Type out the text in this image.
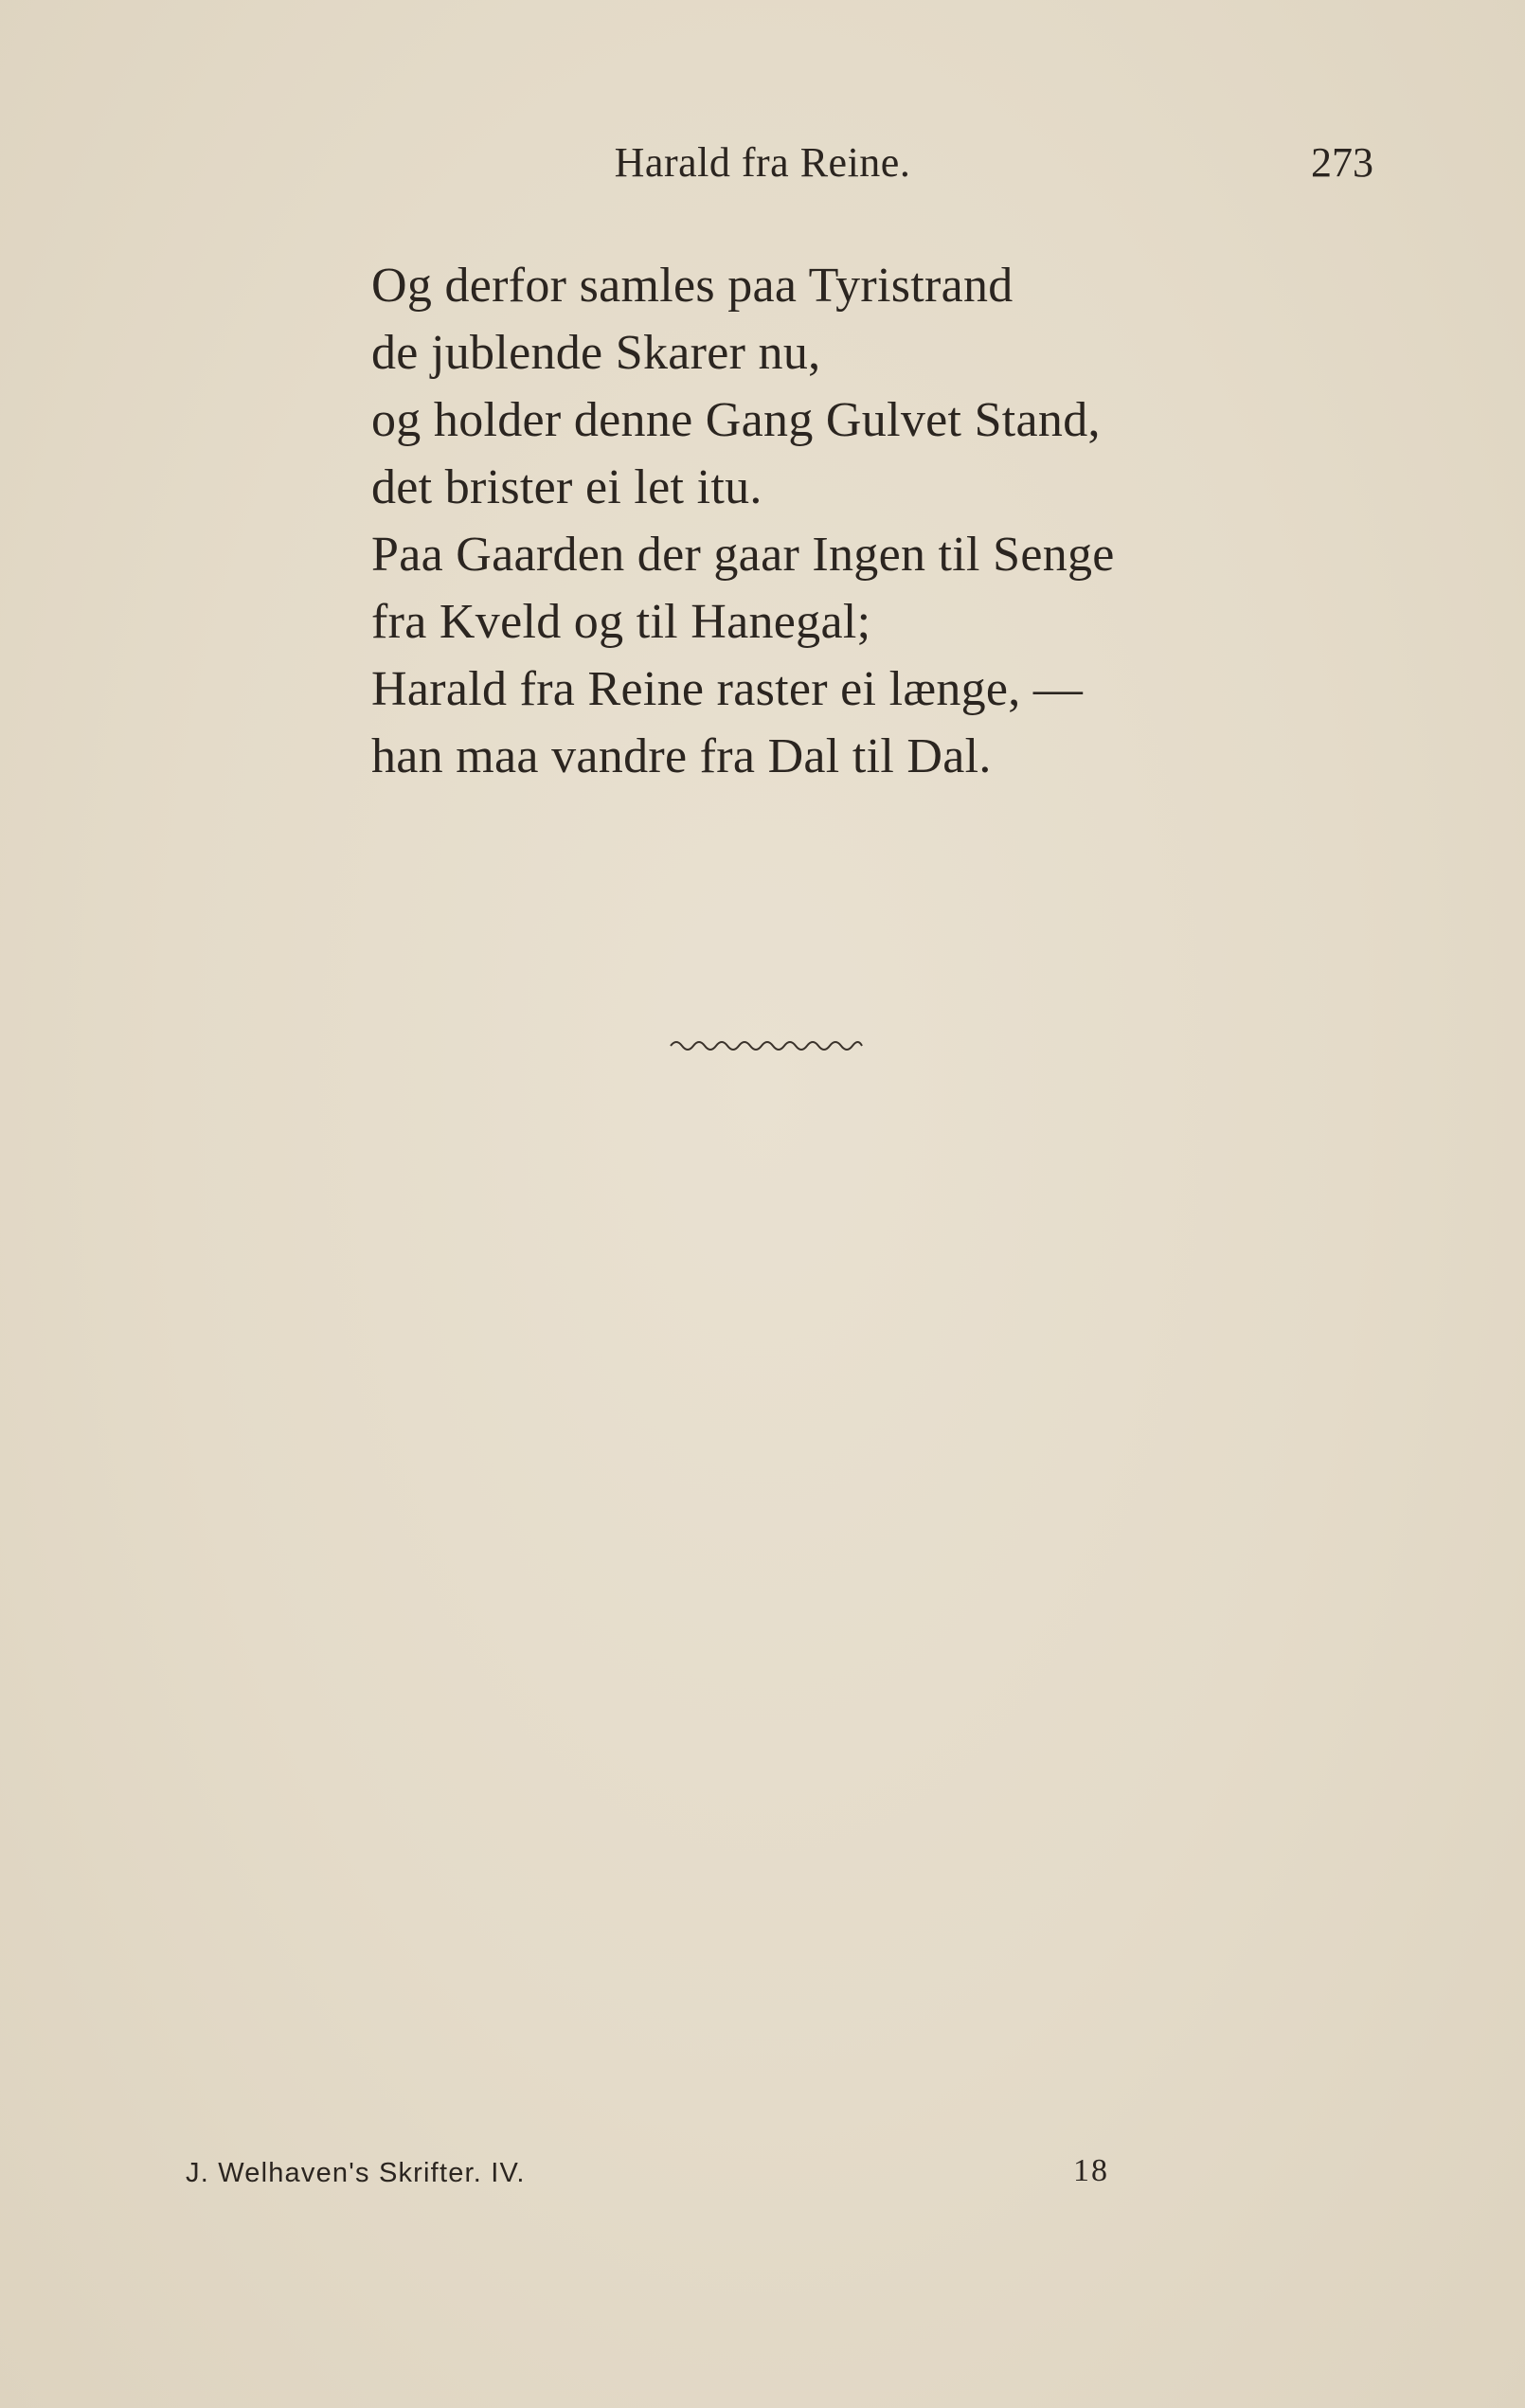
Harald fra Reine.	273
Og derfor samles paa Tyristrand
de jublende Skarer nu,
og holder denne Gang Gulvet Stand,
det brister ei let itu.
Paa Gaarden der gaar Ingen til Senge
fra Kveld og til Hanegal;
Harald fra Reine raster ei længe, —
han maa vandre fra Dal til Dal.
J. Welhaven's Skrifter. IV.	18
